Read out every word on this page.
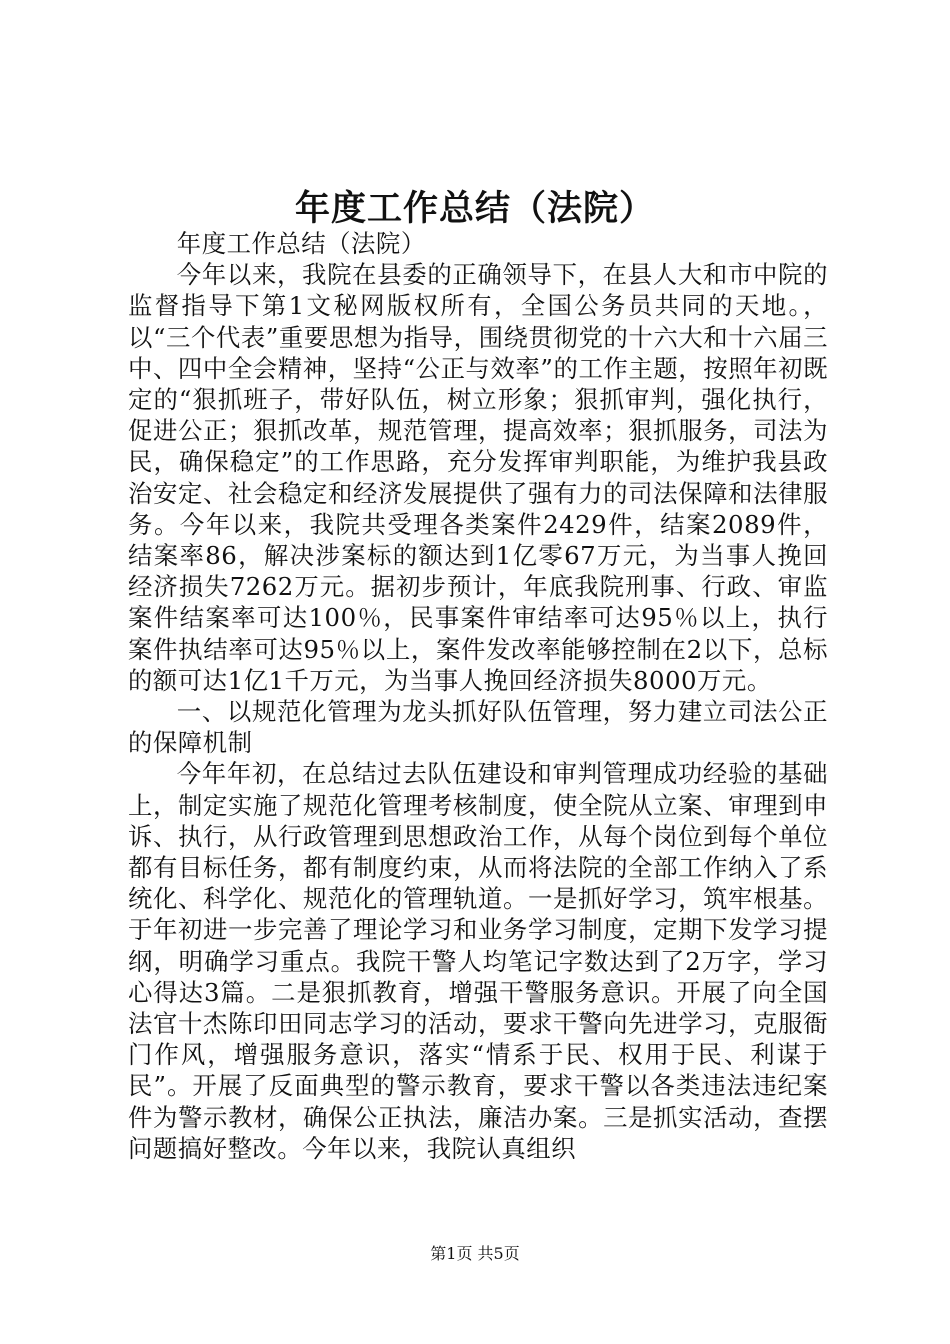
年度工作总结（法院）

年度工作总结（法院）

今年以来，我院在县委的正确领导下，在县人大和市中院的监督指导下第1文秘网版权所有，全国公务员共同的天地。，以“三个代表”重要思想为指导，围绕贯彻党的十六大和十六届三中、四中全会精神，坚持“公正与效率”的工作主题，按照年初既定的“狠抓班子，带好队伍，树立形象；狠抓审判，强化执行，促进公正；狠抓改革，规范管理，提高效率；狠抓服务，司法为民，确保稳定”的工作思路，充分发挥审判职能，为维护我县政治安定、社会稳定和经济发展提供了强有力的司法保障和法律服务。今年以来，我院共受理各类案件2429件，结案2089件，结案率86，解决涉案标的额达到1亿零67万元，为当事人挽回经济损失7262万元。据初步预计，年底我院刑事、行政、审监案件结案率可达100％，民事案件审结率可达95％以上，执行案件执结率可达95％以上，案件发改率能够控制在2以下，总标的额可达1亿1千万元，为当事人挽回经济损失8000万元。

一、以规范化管理为龙头抓好队伍管理，努力建立司法公正的保障机制

今年年初，在总结过去队伍建设和审判管理成功经验的基础上，制定实施了规范化管理考核制度，使全院从立案、审理到申诉、执行，从行政管理到思想政治工作，从每个岗位到每个单位都有目标任务，都有制度约束，从而将法院的全部工作纳入了系统化、科学化、规范化的管理轨道。一是抓好学习，筑牢根基。于年初进一步完善了理论学习和业务学习制度，定期下发学习提纲，明确学习重点。我院干警人均笔记字数达到了2万字，学习心得达3篇。二是狠抓教育，增强干警服务意识。开展了向全国法官十杰陈印田同志学习的活动，要求干警向先进学习，克服衙门作风，增强服务意识，落实“情系于民、权用于民、利谋于民”。开展了反面典型的警示教育，要求干警以各类违法违纪案件为警示教材，确保公正执法，廉洁办案。三是抓实活动，查摆问题搞好整改。今年以来，我院认真组织

第1页 共5页
